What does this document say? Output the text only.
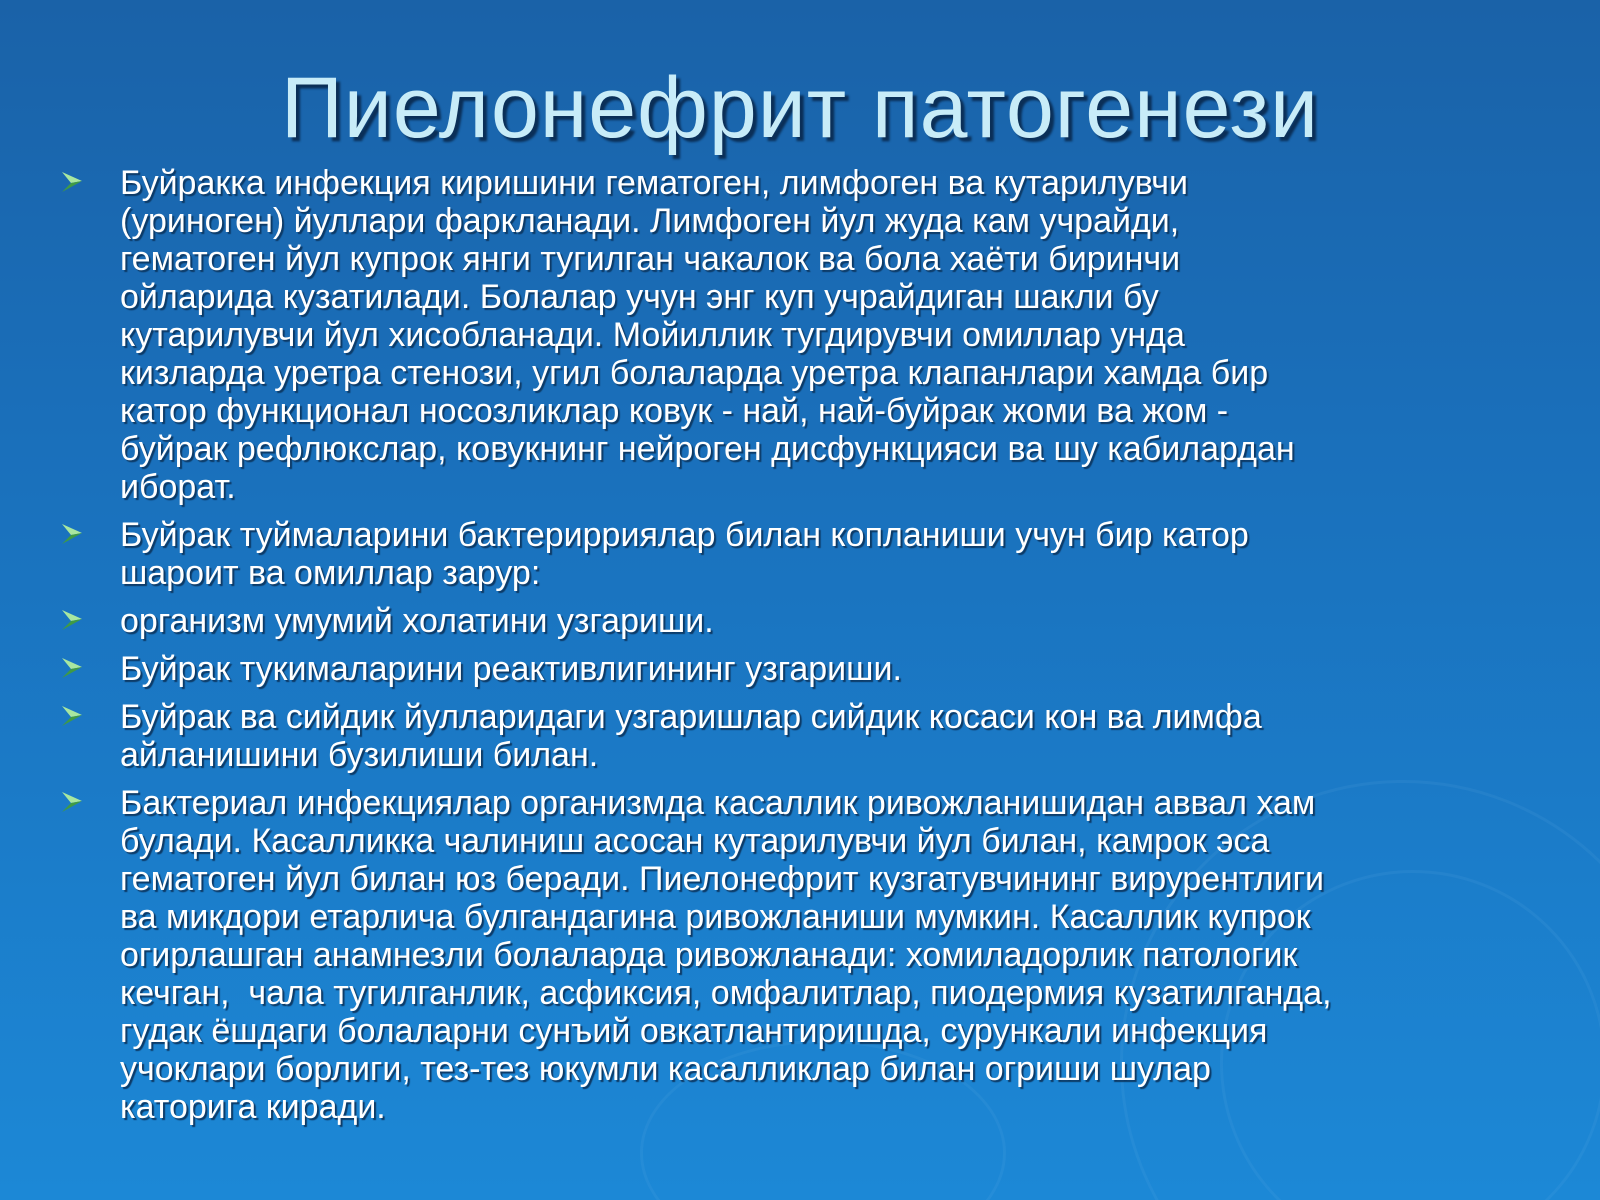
Пиелонефрит патогенези
Буйракка инфекция киришини гематоген, лимфоген ва кутарилувчи
(уриноген) йуллари фаркланади. Лимфоген йул жуда кам учрайди,
гематоген йул купрок янги тугилган чакалок ва бола хаёти биринчи
ойларида кузатилади. Болалар учун энг куп учрайдиган шакли бу
кутарилувчи йул хисобланади. Мойиллик тугдирувчи омиллар унда
кизларда уретра стенози, угил болаларда уретра клапанлари хамда бир
катор функционал носозликлар ковук - най, най-буйрак жоми ва жом -
буйрак рефлюкслар, ковукнинг нейроген дисфункцияси ва шу кабилардан
иборат.
Буйрак туймаларини бактерирриялар билан копланиши учун бир катор
шароит ва омиллар зарур:
организм умумий холатини узгариши.
Буйрак тукималарини реактивлигининг узгариши.
Буйрак ва сийдик йулларидаги узгаришлар сийдик косаси кон ва лимфа
айланишини бузилиши билан.
Бактериал инфекциялар организмда касаллик ривожланишидан аввал хам
булади. Касалликка чалиниш асосан кутарилувчи йул билан, камрок эса
гематоген йул билан юз беради. Пиелонефрит кузгатувчининг вирурентлиги
ва микдори етарлича булгандагина ривожланиши мумкин. Касаллик купрок
огирлашган анамнезли болаларда ривожланади: хомиладорлик патологик
кечган,  чала тугилганлик, асфиксия, омфалитлар, пиодермия кузатилганда,
гудак ёшдаги болаларни сунъий овкатлантиришда, сурункали инфекция
учоклари борлиги, тез-тез юкумли касалликлар билан огриши шулар
каторига киради.
